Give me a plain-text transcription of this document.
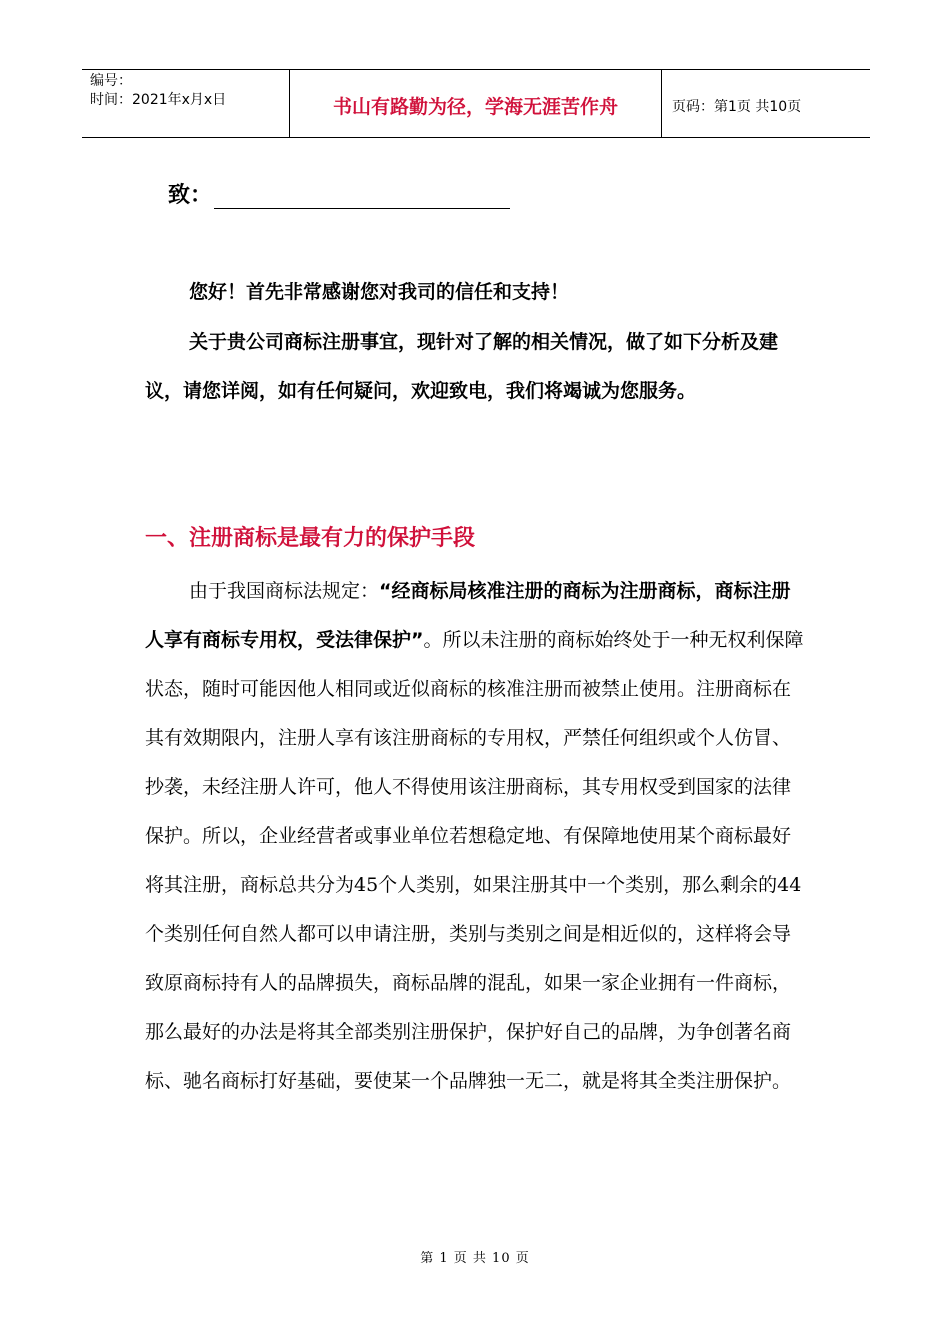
编号：
时间：2021年x月x日	书山有路勤为径，学海无涯苦作舟	页码：第1页 共10页
致：
您好！首先非常感谢您对我司的信任和支持！
关于贵公司商标注册事宜，现针对了解的相关情况，做了如下分析及建议，请您详阅，如有任何疑问，欢迎致电，我们将竭诚为您服务。
一、注册商标是最有力的保护手段
由于我国商标法规定：“经商标局核准注册的商标为注册商标，商标注册人享有商标专用权，受法律保护”。所以未注册的商标始终处于一种无权利保障状态，随时可能因他人相同或近似商标的核准注册而被禁止使用。注册商标在其有效期限内，注册人享有该注册商标的专用权，严禁任何组织或个人仿冒、抄袭，未经注册人许可，他人不得使用该注册商标，其专用权受到国家的法律保护。所以，企业经营者或事业单位若想稳定地、有保障地使用某个商标最好将其注册，商标总共分为45个人类别，如果注册其中一个类别，那么剩余的44个类别任何自然人都可以申请注册，类别与类别之间是相近似的，这样将会导致原商标持有人的品牌损失，商标品牌的混乱，如果一家企业拥有一件商标，那么最好的办法是将其全部类别注册保护，保护好自己的品牌，为争创著名商标、驰名商标打好基础，要使某一个品牌独一无二，就是将其全类注册保护。
第 1 页 共 10 页
